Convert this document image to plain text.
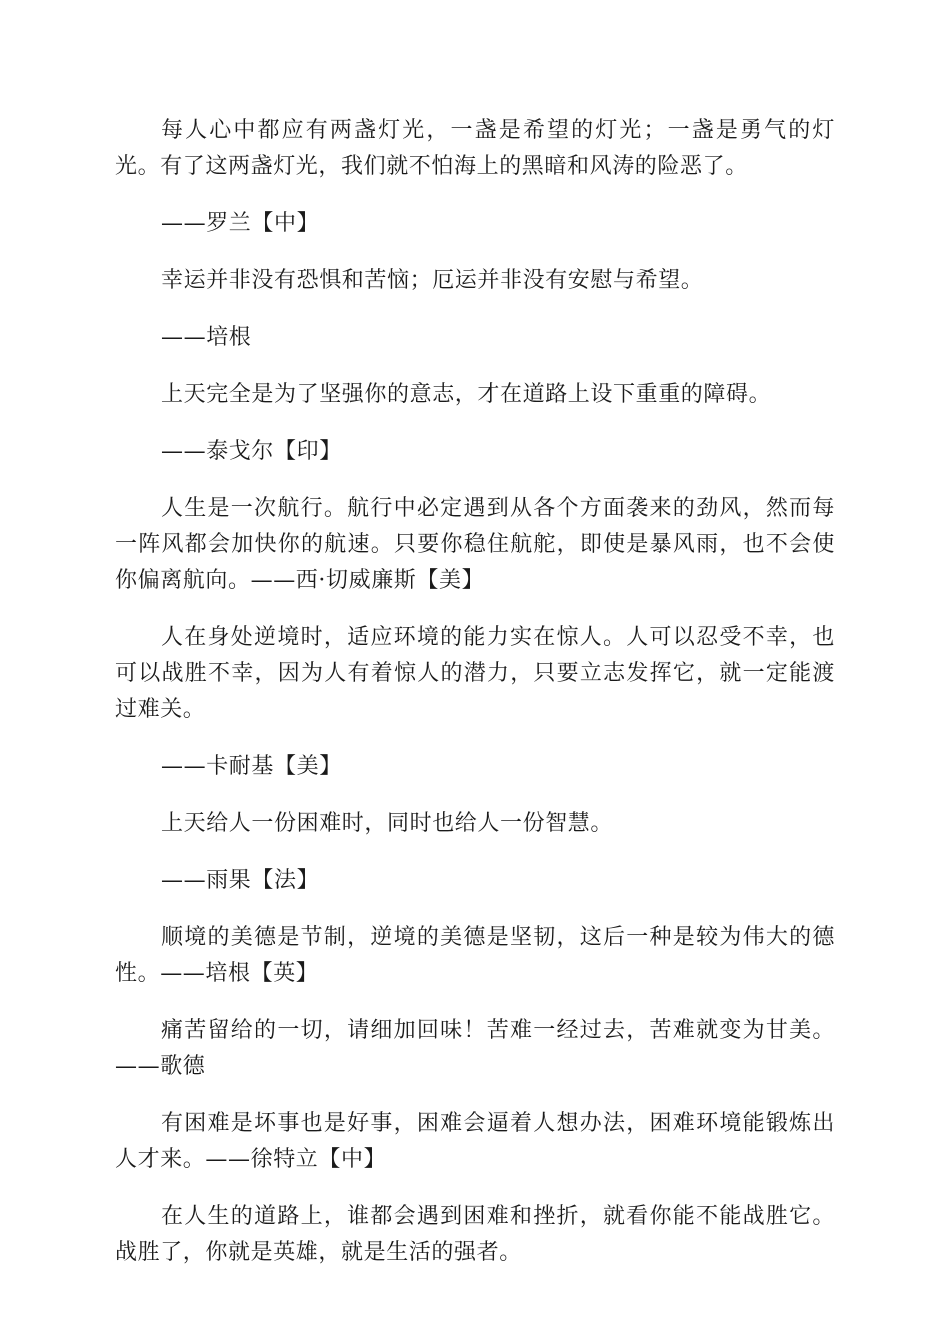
每人心中都应有两盏灯光，一盏是希望的灯光；一盏是勇气的灯光。有了这两盏灯光，我们就不怕海上的黑暗和风涛的险恶了。

——罗兰【中】

幸运并非没有恐惧和苦恼；厄运并非没有安慰与希望。

——培根

上天完全是为了坚强你的意志，才在道路上设下重重的障碍。

——泰戈尔【印】

人生是一次航行。航行中必定遇到从各个方面袭来的劲风，然而每一阵风都会加快你的航速。只要你稳住航舵，即使是暴风雨，也不会使你偏离航向。——西·切威廉斯【美】

人在身处逆境时，适应环境的能力实在惊人。人可以忍受不幸，也可以战胜不幸，因为人有着惊人的潜力，只要立志发挥它，就一定能渡过难关。

——卡耐基【美】

上天给人一份困难时，同时也给人一份智慧。

——雨果【法】

顺境的美德是节制，逆境的美德是坚韧，这后一种是较为伟大的德性。——培根【英】

痛苦留给的一切，请细加回味！苦难一经过去，苦难就变为甘美。——歌德

有困难是坏事也是好事，困难会逼着人想办法，困难环境能锻炼出人才来。——徐特立【中】

在人生的道路上，谁都会遇到困难和挫折，就看你能不能战胜它。战胜了，你就是英雄，就是生活的强者。
